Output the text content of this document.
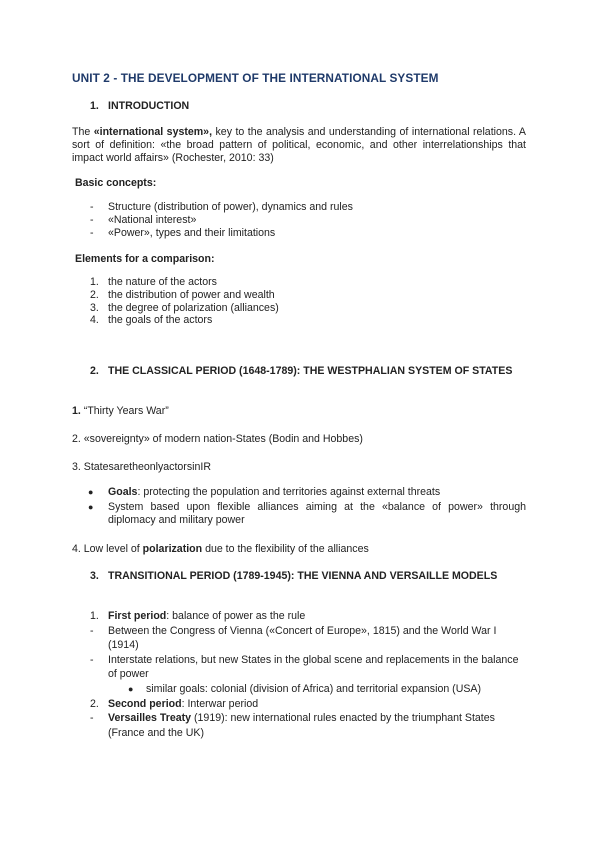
UNIT 2 - THE DEVELOPMENT OF THE INTERNATIONAL SYSTEM
1. INTRODUCTION
The «international system», key to the analysis and understanding of international relations. A sort of definition: «the broad pattern of political, economic, and other interrelationships that impact world affairs» (Rochester, 2010: 33)
Basic concepts:
- Structure (distribution of power), dynamics and rules
- «National interest»
- «Power», types and their limitations
Elements for a comparison:
1. the nature of the actors
2. the distribution of power and wealth
3. the degree of polarization (alliances)
4. the goals of the actors
2. THE CLASSICAL PERIOD (1648-1789): THE WESTPHALIAN SYSTEM OF STATES
1. “Thirty Years War”
2. «sovereignty» of modern nation-States (Bodin and Hobbes)
3. StatesaretheonlyactorsinIR
● Goals: protecting the population and territories against external threats
● System based upon flexible alliances aiming at the «balance of power» through diplomacy and military power
4. Low level of polarization due to the flexibility of the alliances
3. TRANSITIONAL PERIOD (1789-1945): THE VIENNA AND VERSAILLE MODELS
1. First period: balance of power as the rule
- Between the Congress of Vienna («Concert of Europe», 1815) and the World War I (1914)
- Interstate relations, but new States in the global scene and replacements in the balance of power
● similar goals: colonial (division of Africa) and territorial expansion (USA)
2. Second period: Interwar period
- Versailles Treaty (1919): new international rules enacted by the triumphant States (France and the UK)
